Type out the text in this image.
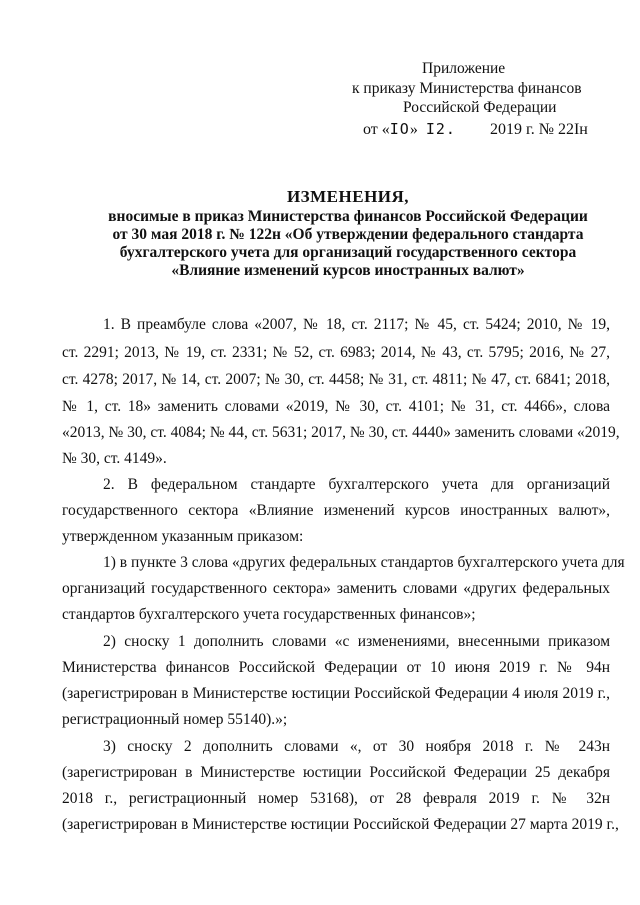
Приложение
к приказу Министерства финансов
Российской Федерации
от «IO» I2. 2019 г. № 22Iн
ИЗМЕНЕНИЯ,
вносимые в приказ Министерства финансов Российской Федерации
от 30 мая 2018 г. № 122н «Об утверждении федерального стандарта
бухгалтерского учета для организаций государственного сектора
«Влияние изменений курсов иностранных валют»
1. В преамбуле слова «2007, № 18, ст. 2117; № 45, ст. 5424; 2010, № 19,
ст. 2291; 2013, № 19, ст. 2331; № 52, ст. 6983; 2014, № 43, ст. 5795; 2016, № 27,
ст. 4278; 2017, № 14, ст. 2007; № 30, ст. 4458; № 31, ст. 4811; № 47, ст. 6841; 2018,
№ 1, ст. 18» заменить словами «2019, № 30, ст. 4101; № 31, ст. 4466», слова
«2013, № 30, ст. 4084; № 44, ст. 5631; 2017, № 30, ст. 4440» заменить словами «2019,
№ 30, ст. 4149».
2. В федеральном стандарте бухгалтерского учета для организаций
государственного сектора «Влияние изменений курсов иностранных валют»,
утвержденном указанным приказом:
1) в пункте 3 слова «других федеральных стандартов бухгалтерского учета для
организаций государственного сектора» заменить словами «других федеральных
стандартов бухгалтерского учета государственных финансов»;
2) сноску 1 дополнить словами «с изменениями, внесенными приказом
Министерства финансов Российской Федерации от 10 июня 2019 г. № 94н
(зарегистрирован в Министерстве юстиции Российской Федерации 4 июля 2019 г.,
регистрационный номер 55140).»;
3) сноску 2 дополнить словами «, от 30 ноября 2018 г. № 243н
(зарегистрирован в Министерстве юстиции Российской Федерации 25 декабря
2018 г., регистрационный номер 53168), от 28 февраля 2019 г. № 32н
(зарегистрирован в Министерстве юстиции Российской Федерации 27 марта 2019 г.,
